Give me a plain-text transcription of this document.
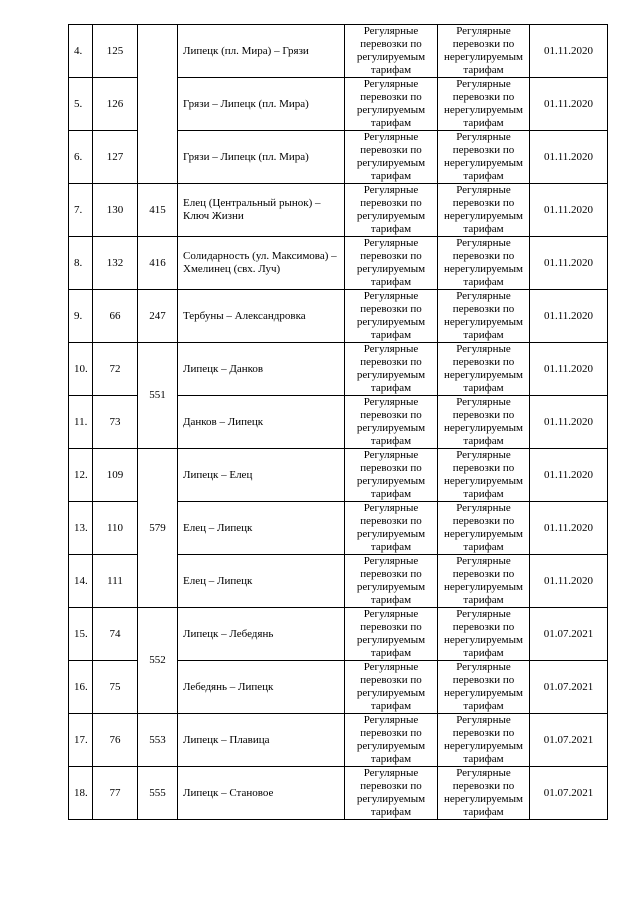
4.	125		Липецк (пл. Мира) – Грязи	Регулярные перевозки по регулируемым тарифам	Регулярные перевозки по нерегулируемым тарифам	01.11.2020
5.	126		Грязи – Липецк (пл. Мира)	Регулярные перевозки по регулируемым тарифам	Регулярные перевозки по нерегулируемым тарифам	01.11.2020
6.	127		Грязи – Липецк (пл. Мира)	Регулярные перевозки по регулируемым тарифам	Регулярные перевозки по нерегулируемым тарифам	01.11.2020
7.	130	415	Елец (Центральный рынок) – Ключ Жизни	Регулярные перевозки по регулируемым тарифам	Регулярные перевозки по нерегулируемым тарифам	01.11.2020
8.	132	416	Солидарность (ул. Максимова) – Хмелинец (свх. Луч)	Регулярные перевозки по регулируемым тарифам	Регулярные перевозки по нерегулируемым тарифам	01.11.2020
9.	66	247	Тербуны – Александровка	Регулярные перевозки по регулируемым тарифам	Регулярные перевозки по нерегулируемым тарифам	01.11.2020
10.	72	551	Липецк – Данков	Регулярные перевозки по регулируемым тарифам	Регулярные перевозки по нерегулируемым тарифам	01.11.2020
11.	73		Данков – Липецк	Регулярные перевозки по регулируемым тарифам	Регулярные перевозки по нерегулируемым тарифам	01.11.2020
12.	109	579	Липецк – Елец	Регулярные перевозки по регулируемым тарифам	Регулярные перевозки по нерегулируемым тарифам	01.11.2020
13.	110		Елец – Липецк	Регулярные перевозки по регулируемым тарифам	Регулярные перевозки по нерегулируемым тарифам	01.11.2020
14.	111		Елец – Липецк	Регулярные перевозки по регулируемым тарифам	Регулярные перевозки по нерегулируемым тарифам	01.11.2020
15.	74	552	Липецк – Лебедянь	Регулярные перевозки по регулируемым тарифам	Регулярные перевозки по нерегулируемым тарифам	01.07.2021
16.	75		Лебедянь – Липецк	Регулярные перевозки по регулируемым тарифам	Регулярные перевозки по нерегулируемым тарифам	01.07.2021
17.	76	553	Липецк – Плавица	Регулярные перевозки по регулируемым тарифам	Регулярные перевозки по нерегулируемым тарифам	01.07.2021
18.	77	555	Липецк – Становое	Регулярные перевозки по регулируемым тарифам	Регулярные перевозки по нерегулируемым тарифам	01.07.2021
